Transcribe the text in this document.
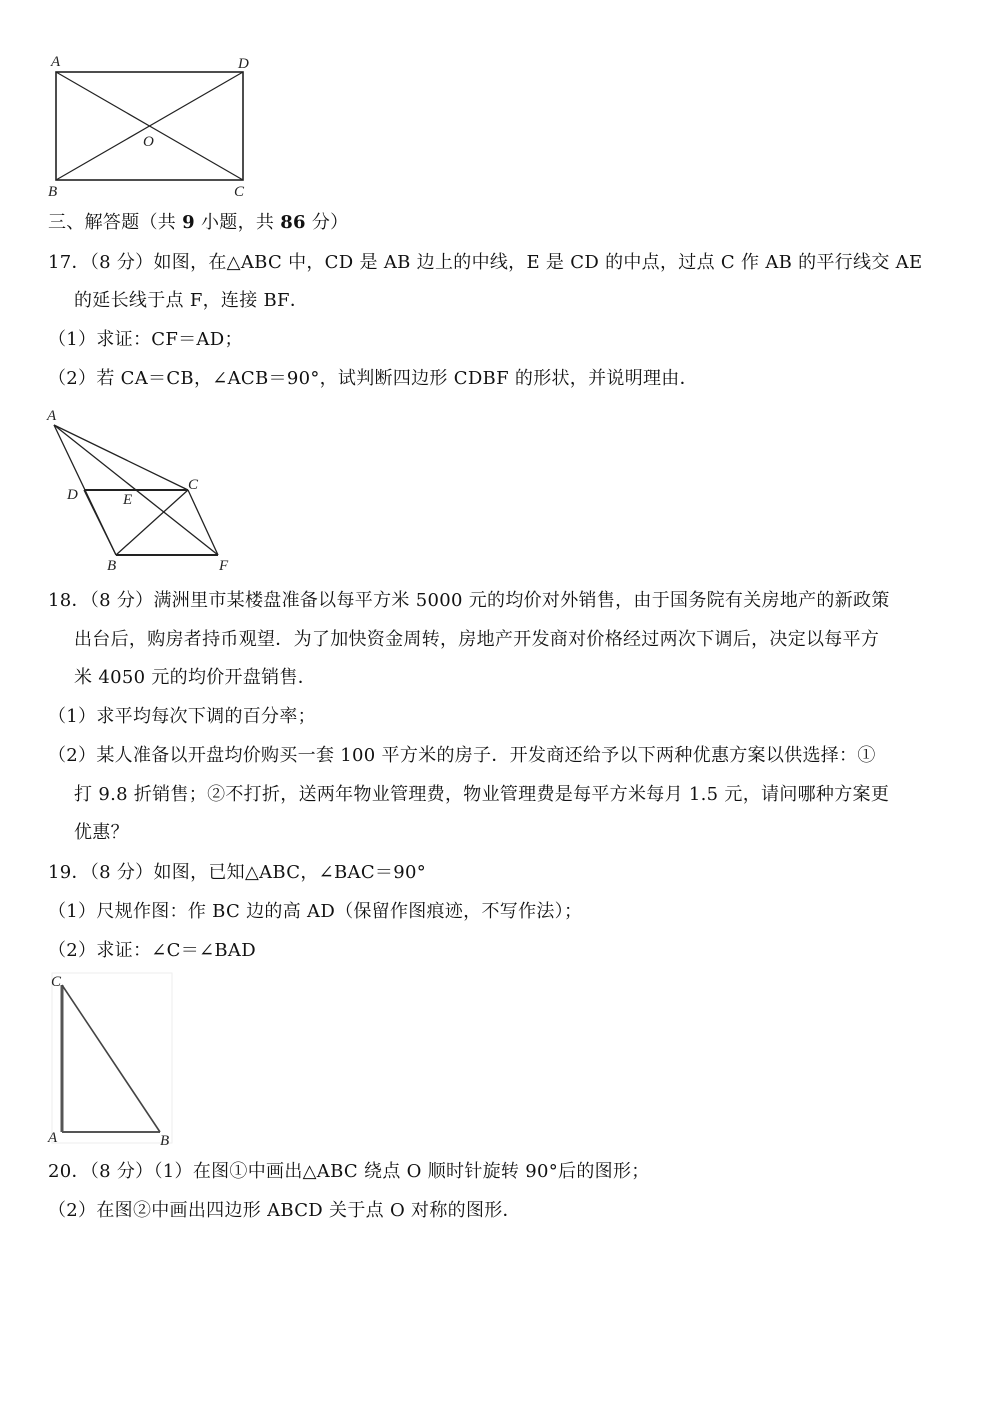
A	D
O
B	C
三、解答题（共 9 小题，共 86 分）
17．（8 分）如图，在△ABC 中，CD 是 AB 边上的中线，E 是 CD 的中点，过点 C 作 AB 的平行线交 AE
的延长线于点 F，连接 BF．
（1）求证：CF＝AD；
（2）若 CA＝CB，∠ACB＝90°，试判断四边形 CDBF 的形状，并说明理由．
A
C
D	E
B	F
18．（8 分）满洲里市某楼盘准备以每平方米 5000 元的均价对外销售，由于国务院有关房地产的新政策
出台后，购房者持币观望．为了加快资金周转，房地产开发商对价格经过两次下调后，决定以每平方
米 4050 元的均价开盘销售．
（1）求平均每次下调的百分率；
（2）某人准备以开盘均价购买一套 100 平方米的房子．开发商还给予以下两种优惠方案以供选择：①
打 9.8 折销售；②不打折，送两年物业管理费，物业管理费是每平方米每月 1.5 元，请问哪种方案更
优惠？
19．（8 分）如图，已知△ABC，∠BAC＝90°
（1）尺规作图：作 BC 边的高 AD（保留作图痕迹，不写作法）；
（2）求证：∠C＝∠BAD
C
A	B
20．（8 分）（1）在图①中画出△ABC 绕点 O 顺时针旋转 90°后的图形；
（2）在图②中画出四边形 ABCD 关于点 O 对称的图形．
